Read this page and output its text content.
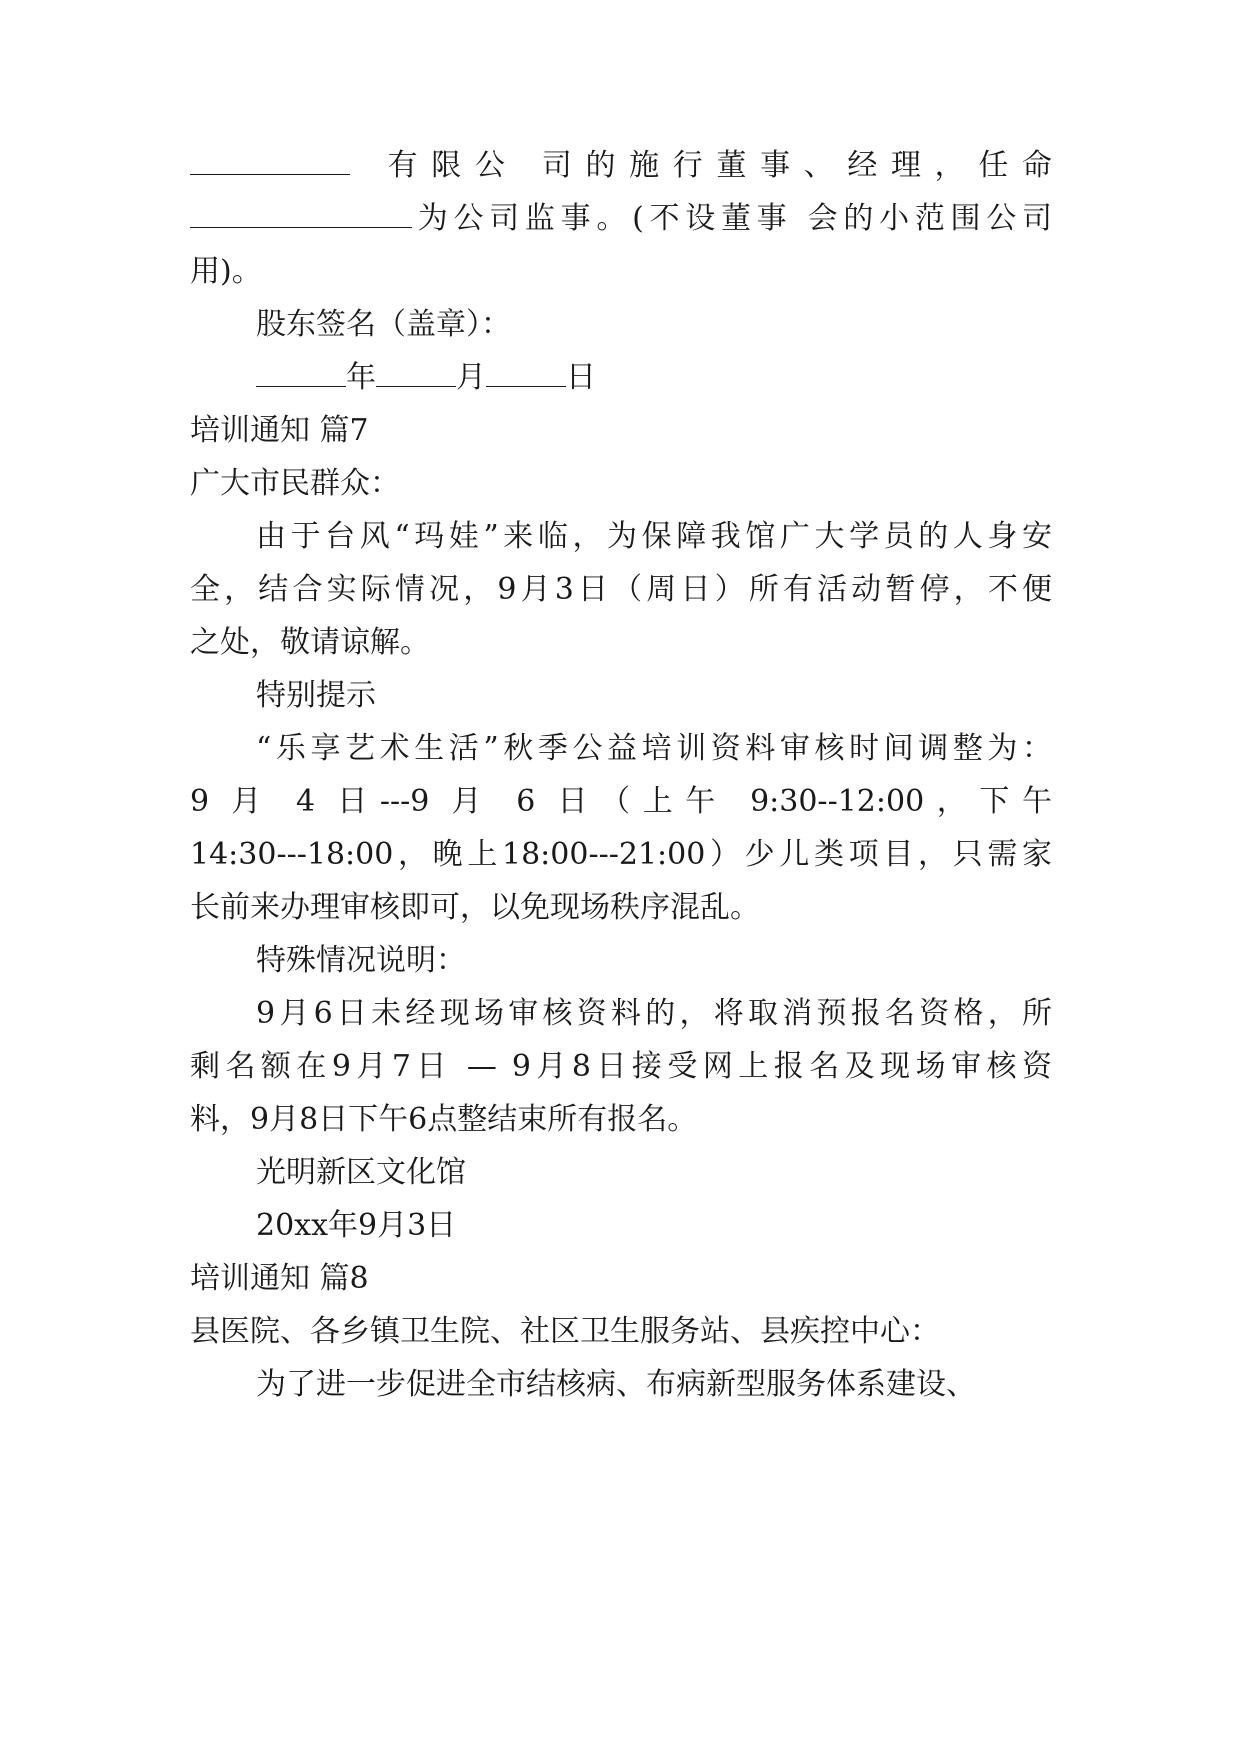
有限公 司的施行董事、经理，任命
为公司监事。(不设董事 会的小范围公司
用)。
股东签名（盖章）：
年	月	日
培训通知 篇7
广大市民群众：
由于台风“玛娃”来临，为保障我馆广大学员的人身安
全，结合实际情况，9月3日（周日）所有活动暂停，不便
之处，敬请谅解。
特别提示
“乐享艺术生活”秋季公益培训资料审核时间调整为：
9 月 4 日---9 月 6 日（上午 9:30--12:00，下午
14:30---18:00，晚上18:00---21:00）少儿类项目，只需家
长前来办理审核即可，以免现场秩序混乱。
特殊情况说明：
9月6日未经现场审核资料的，将取消预报名资格，所
剩名额在9月7日 — 9月8日接受网上报名及现场审核资
料，9月8日下午6点整结束所有报名。
光明新区文化馆
20xx年9月3日
培训通知 篇8
县医院、各乡镇卫生院、社区卫生服务站、县疾控中心：
为了进一步促进全市结核病、布病新型服务体系建设、
